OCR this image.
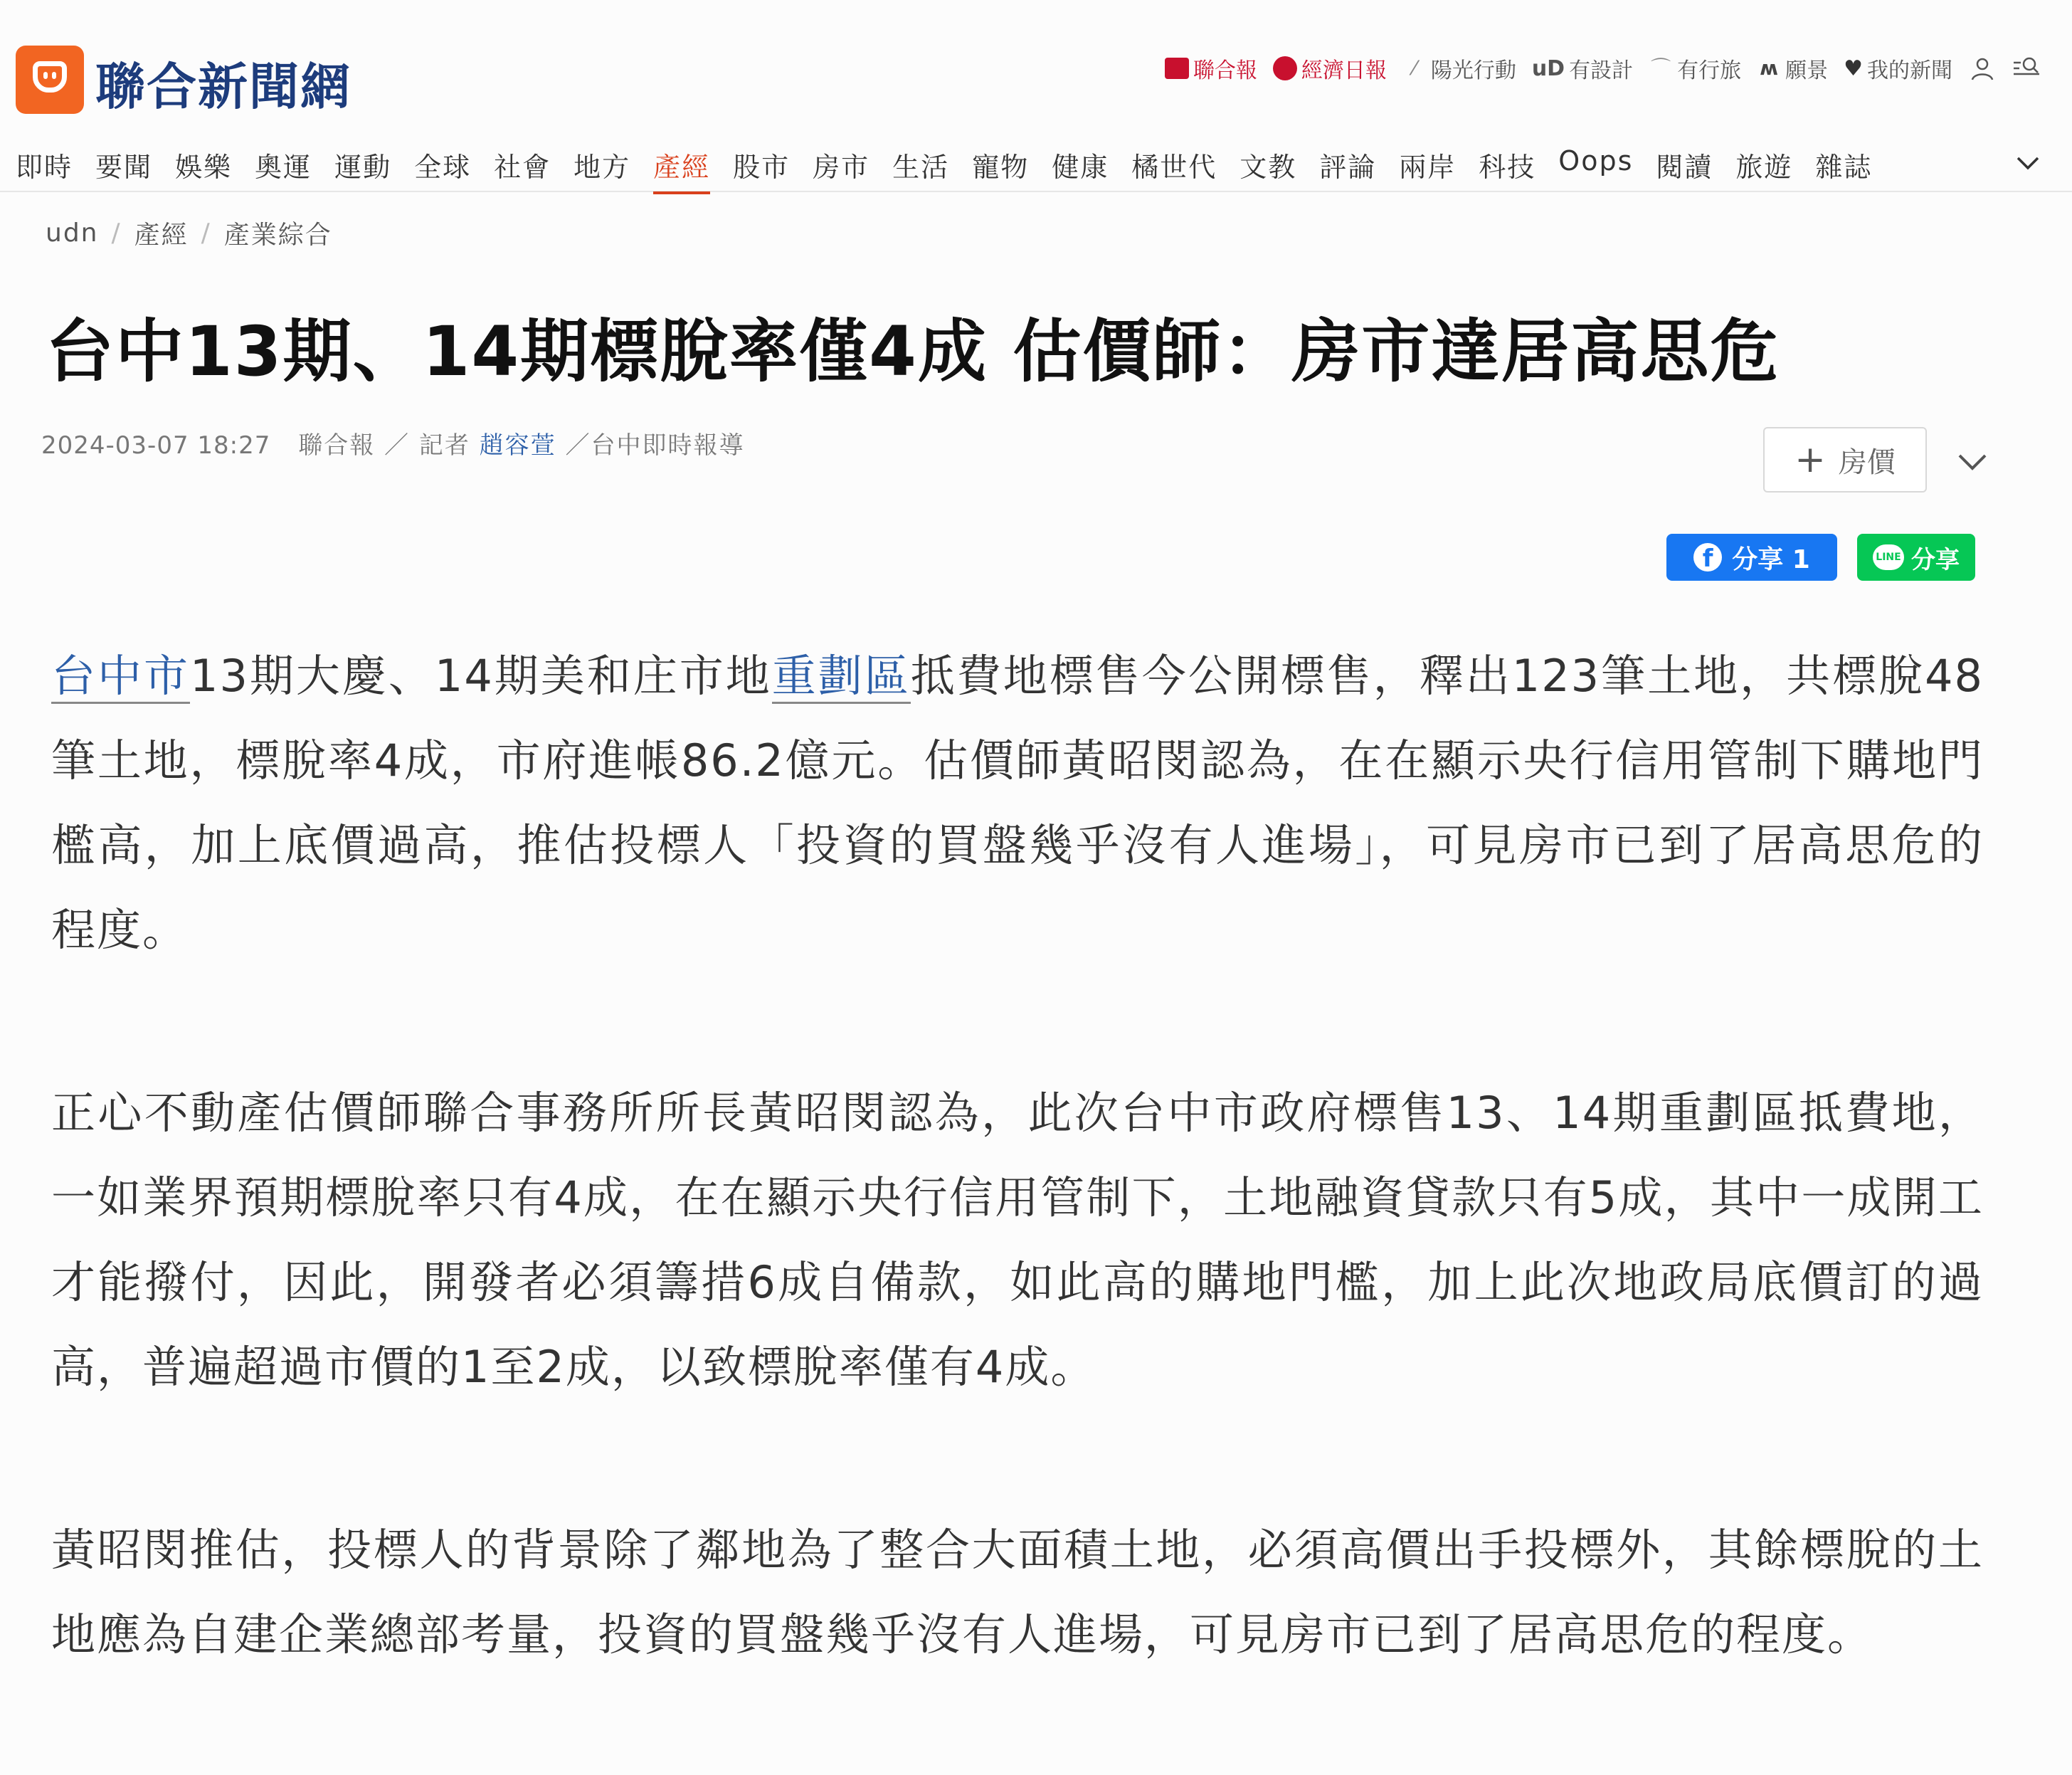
聯合新聞網	聯合報 經濟日報	⁄ 陽光行動 uD 有設計 ⌒ 有行旅 ʍ 願景 ♥ 我的新聞
即時 要聞 娛樂 奧運 運動 全球 社會 地方 產經 股市 房市 生活 寵物 健康 橘世代 文教 評論 兩岸 科技 Oops 閱讀 旅遊 雜誌
udn / 產經 / 產業綜合
台中13期、14期標脫率僅4成 估價師：房市達居高思危
2024-03-07 18:27 聯合報 ／ 記者 趙容萱 ／台中即時報導	+ 房價
f 分享 1	LINE 分享

台中市13期大慶、14期美和庄市地重劃區抵費地標售今公開標售，釋出123筆土地，共標脫48筆土地，標脫率4成，市府進帳86.2億元。估價師黃昭閔認為，在在顯示央行信用管制下購地門檻高，加上底價過高，推估投標人「投資的買盤幾乎沒有人進場」，可見房市已到了居高思危的程度。

正心不動產估價師聯合事務所所長黃昭閔認為，此次台中市政府標售13、14期重劃區抵費地，一如業界預期標脫率只有4成，在在顯示央行信用管制下，土地融資貸款只有5成，其中一成開工才能撥付，因此，開發者必須籌措6成自備款，如此高的購地門檻，加上此次地政局底價訂的過高，普遍超過市價的1至2成，以致標脫率僅有4成。

黃昭閔推估，投標人的背景除了鄰地為了整合大面積土地，必須高價出手投標外，其餘標脫的土地應為自建企業總部考量，投資的買盤幾乎沒有人進場，可見房市已到了居高思危的程度。
